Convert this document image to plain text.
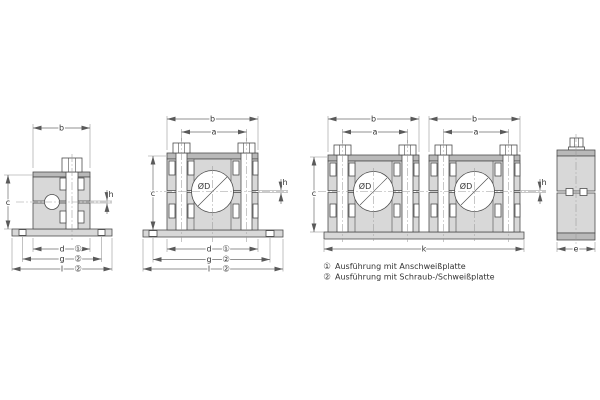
b
c
h
d ①
g ②
l ②
ØD
b
a
c
h
d ①
g ②
l ②
ØD	ØD
b	b
a	a
c
h
k	e
① Ausführung mit Anschweißplatte
② Ausführung mit Schraub-/Schweißplatte
